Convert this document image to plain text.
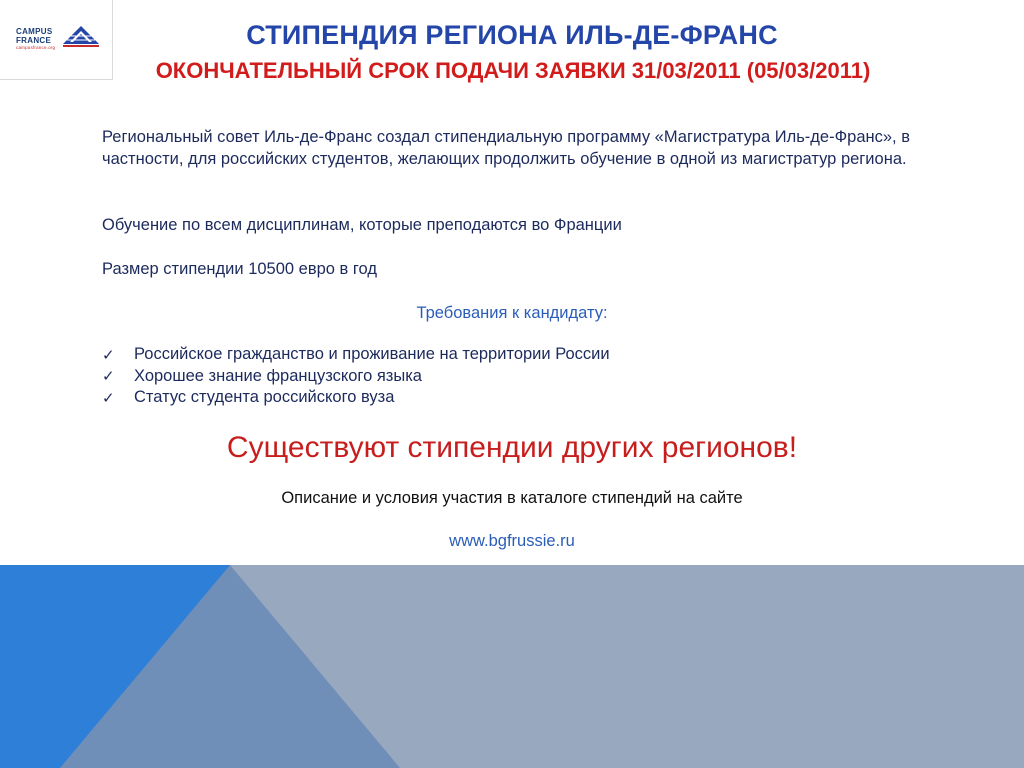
CAMPUS
FRANCE
campusfrance.org	СТИПЕНДИЯ РЕГИОНА ИЛЬ-ДЕ-ФРАНС
ОКОНЧАТЕЛЬНЫЙ СРОК ПОДАЧИ ЗАЯВКИ 31/03/2011 (05/03/2011)
Региональный совет Иль-де-Франс создал стипендиальную программу «Магистратура Иль-де-Франс», в частности, для российских студентов, желающих продолжить обучение в одной из магистратур региона.
Обучение по всем дисциплинам, которые преподаются во Франции
Размер стипендии 10500 евро в год
Требования к кандидату:
✓	Российское гражданство и проживание на территории России
✓	Хорошее знание французского языка
✓	Статус студента российского вуза
Существуют стипендии других регионов!
Описание и условия участия в каталоге стипендий на сайте
www.bgfrussie.ru
